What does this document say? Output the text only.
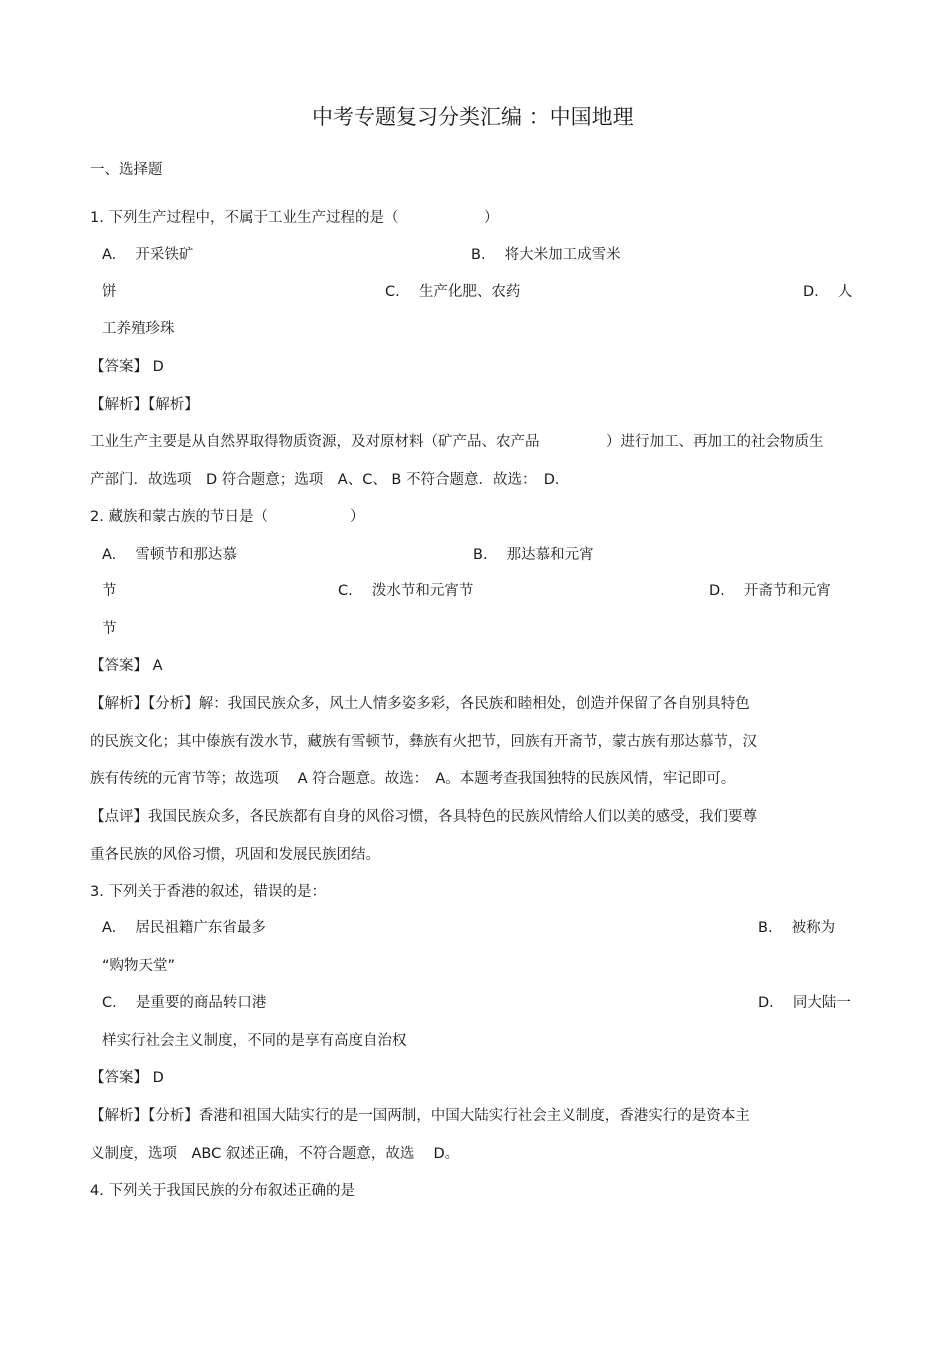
中考专题复习分类汇编 ：中国地理
一、选择题
1. 下列生产过程中，不属于工业生产过程的是（	）
A.　 开采铁矿	B.　 将大米加工成雪米
饼	C.　 生产化肥、农药	D.　 人
工养殖珍珠
【答案】 D
【解析】【解析】
工业生产主要是从自然界取得物质资源，及对原材料（矿产品、农产品	）进行加工、再加工的社会物质生
产部门．故选项　D 符合题意；选项　A、C、 B 不符合题意．故选：　D．
2. 藏族和蒙古族的节日是（	）
A.　 雪顿节和那达慕	B.　 那达慕和元宵
节	C.　 泼水节和元宵节	D.　 开斋节和元宵
节
【答案】 A
【解析】【分析】解：我国民族众多，风土人情多姿多彩，各民族和睦相处，创造并保留了各自别具特色
的民族文化；其中傣族有泼水节，藏族有雪顿节，彝族有火把节，回族有开斋节，蒙古族有那达慕节，汉
族有传统的元宵节等；故选项　 A 符合题意。故选：　A。本题考查我国独特的民族风情，牢记即可。
【点评】我国民族众多，各民族都有自身的风俗习惯，各具特色的民族风情给人们以美的感受，我们要尊
重各民族的风俗习惯，巩固和发展民族团结。
3. 下列关于香港的叙述，错误的是：
A.　 居民祖籍广东省最多	B.　 被称为
“购物天堂”
C.　 是重要的商品转口港	D.　 同大陆一
样实行社会主义制度，不同的是享有高度自治权
【答案】 D
【解析】【分析】香港和祖国大陆实行的是一国两制，中国大陆实行社会主义制度，香港实行的是资本主
义制度，选项　ABC 叙述正确，不符合题意，故选　 D。
4. 下列关于我国民族的分布叙述正确的是
